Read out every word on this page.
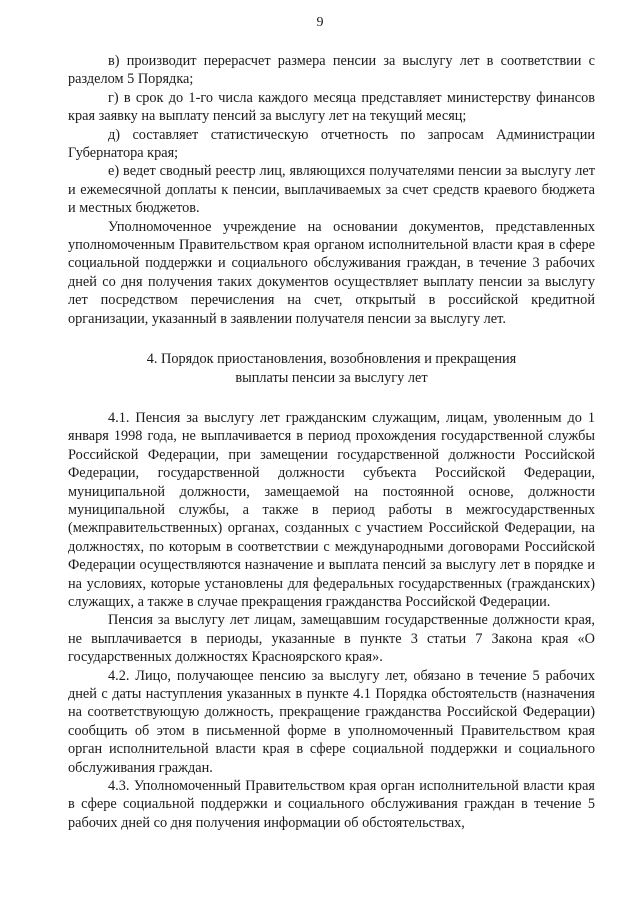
9

в) производит перерасчет размера пенсии за выслугу лет в соответствии с разделом 5 Порядка;

г) в срок до 1-го числа каждого месяца представляет министерству финансов края заявку на выплату пенсий за выслугу лет на текущий месяц;

д) составляет статистическую отчетность по запросам Администрации Губернатора края;

е) ведет сводный реестр лиц, являющихся получателями пенсии за выслугу лет и ежемесячной доплаты к пенсии, выплачиваемых за счет средств краевого бюджета и местных бюджетов.

Уполномоченное учреждение на основании документов, представленных уполномоченным Правительством края органом исполнительной власти края в сфере социальной поддержки и социального обслуживания граждан, в течение 3 рабочих дней со дня получения таких документов осуществляет выплату пенсии за выслугу лет посредством перечисления на счет, открытый в российской кредитной организации, указанный в заявлении получателя пенсии за выслугу лет.

4. Порядок приостановления, возобновления и прекращения
выплаты пенсии за выслугу лет

4.1. Пенсия за выслугу лет гражданским служащим, лицам, уволенным до 1 января 1998 года, не выплачивается в период прохождения государственной службы Российской Федерации, при замещении государственной должности Российской Федерации, государственной должности субъекта Российской Федерации, муниципальной должности, замещаемой на постоянной основе, должности муниципальной службы, а также в период работы в межгосударственных (межправительственных) органах, созданных с участием Российской Федерации, на должностях, по которым в соответствии с международными договорами Российской Федерации осуществляются назначение и выплата пенсий за выслугу лет в порядке и на условиях, которые установлены для федеральных государственных (гражданских) служащих, а также в случае прекращения гражданства Российской Федерации.

Пенсия за выслугу лет лицам, замещавшим государственные должности края, не выплачивается в периоды, указанные в пункте 3 статьи 7 Закона края «О государственных должностях Красноярского края».

4.2. Лицо, получающее пенсию за выслугу лет, обязано в течение 5 рабочих дней с даты наступления указанных в пункте 4.1 Порядка обстоятельств (назначения на соответствующую должность, прекращение гражданства Российской Федерации) сообщить об этом в письменной форме в уполномоченный Правительством края орган исполнительной власти края в сфере социальной поддержки и социального обслуживания граждан.

4.3. Уполномоченный Правительством края орган исполнительной власти края в сфере социальной поддержки и социального обслуживания граждан в течение 5 рабочих дней со дня получения информации об обстоятельствах,
